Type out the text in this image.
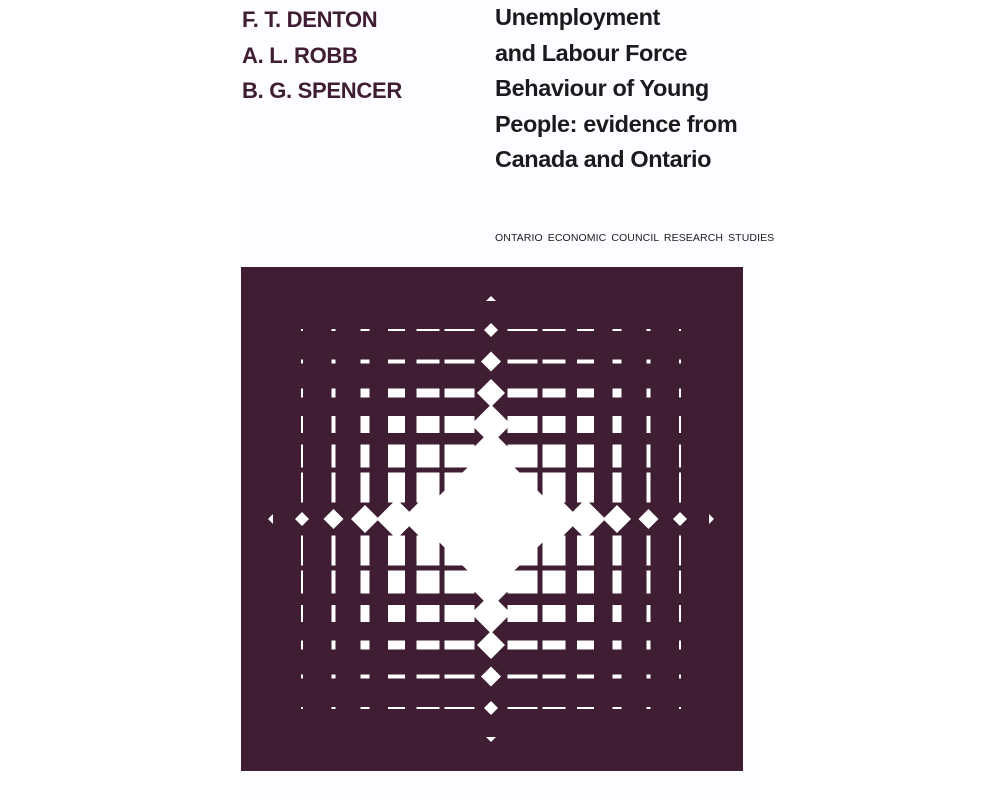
F. T. DENTON
A. L. ROBB
B. G. SPENCER
Unemployment
and Labour Force
Behaviour of Young
People: evidence from
Canada and Ontario
ONTARIO ECONOMIC COUNCIL RESEARCH STUDIES
